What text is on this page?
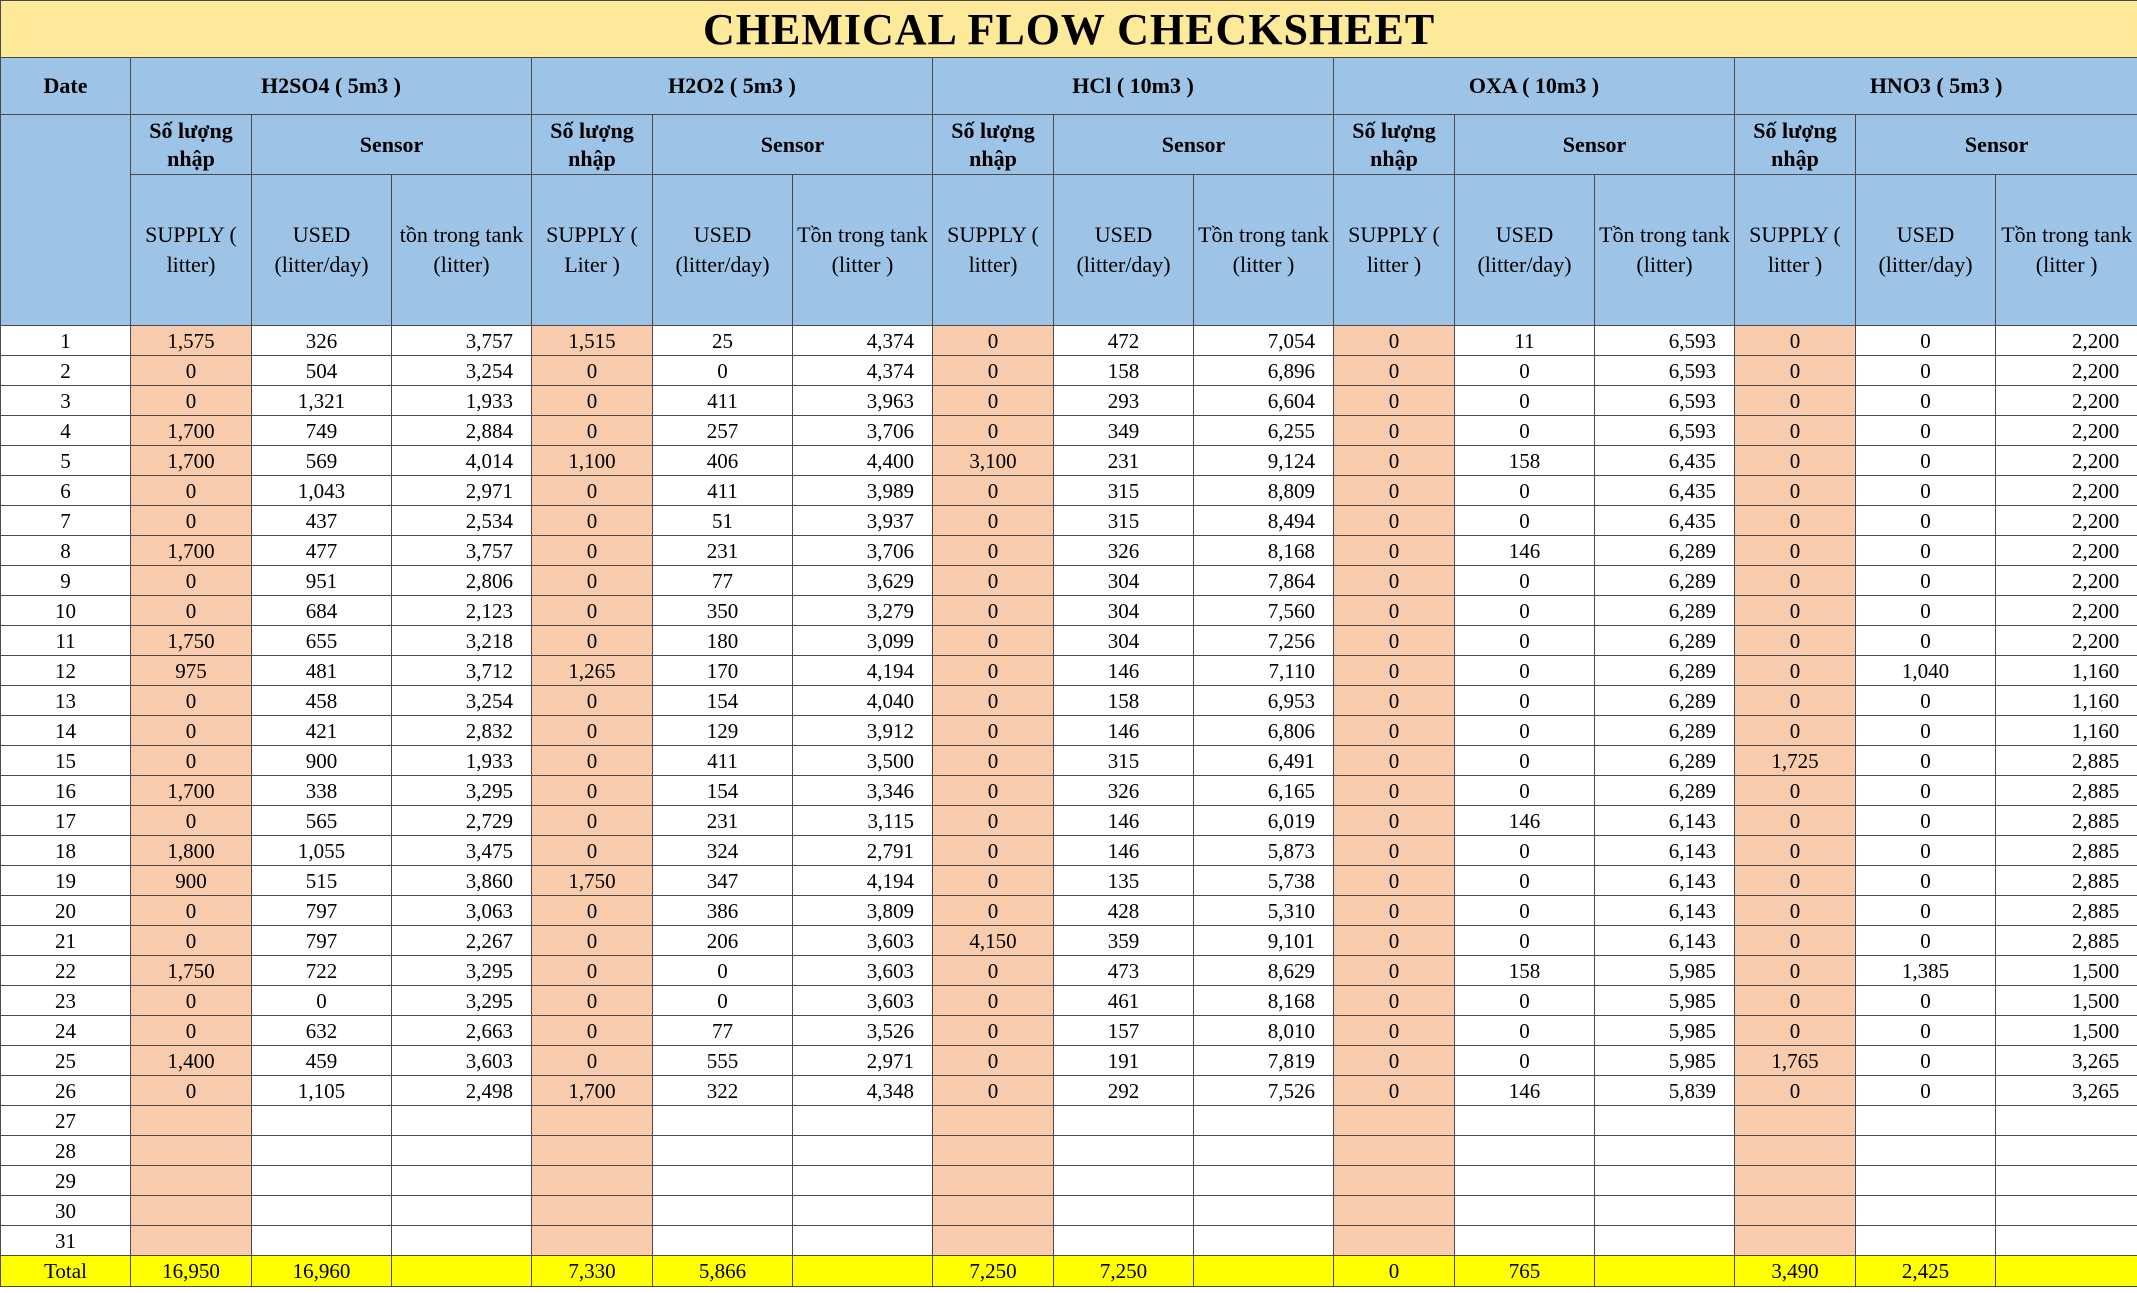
CHEMICAL FLOW CHECKSHEET															
Date	H2SO4 ( 5m3 )			H2O2 ( 5m3 )			HCl ( 10m3 )			OXA ( 10m3 )			HNO3 ( 5m3 )		
	Số lượng nhập	Sensor		Số lượng nhập	Sensor		Số lượng nhập	Sensor		Số lượng nhập	Sensor		Số lượng nhập	Sensor	
	SUPPLY ( litter)	USED (litter/day)	tồn trong tank (litter)	SUPPLY ( Liter )	USED (litter/day)	Tồn trong tank (litter )	SUPPLY ( litter)	USED (litter/day)	Tồn trong tank (litter )	SUPPLY ( litter )	USED (litter/day)	Tồn trong tank (litter)	SUPPLY ( litter )	USED (litter/day)	Tồn trong tank (litter )
1	1,575	326	3,757	1,515	25	4,374	0	472	7,054	0	11	6,593	0	0	2,200
2	0	504	3,254	0	0	4,374	0	158	6,896	0	0	6,593	0	0	2,200
3	0	1,321	1,933	0	411	3,963	0	293	6,604	0	0	6,593	0	0	2,200
4	1,700	749	2,884	0	257	3,706	0	349	6,255	0	0	6,593	0	0	2,200
5	1,700	569	4,014	1,100	406	4,400	3,100	231	9,124	0	158	6,435	0	0	2,200
6	0	1,043	2,971	0	411	3,989	0	315	8,809	0	0	6,435	0	0	2,200
7	0	437	2,534	0	51	3,937	0	315	8,494	0	0	6,435	0	0	2,200
8	1,700	477	3,757	0	231	3,706	0	326	8,168	0	146	6,289	0	0	2,200
9	0	951	2,806	0	77	3,629	0	304	7,864	0	0	6,289	0	0	2,200
10	0	684	2,123	0	350	3,279	0	304	7,560	0	0	6,289	0	0	2,200
11	1,750	655	3,218	0	180	3,099	0	304	7,256	0	0	6,289	0	0	2,200
12	975	481	3,712	1,265	170	4,194	0	146	7,110	0	0	6,289	0	1,040	1,160
13	0	458	3,254	0	154	4,040	0	158	6,953	0	0	6,289	0	0	1,160
14	0	421	2,832	0	129	3,912	0	146	6,806	0	0	6,289	0	0	1,160
15	0	900	1,933	0	411	3,500	0	315	6,491	0	0	6,289	1,725	0	2,885
16	1,700	338	3,295	0	154	3,346	0	326	6,165	0	0	6,289	0	0	2,885
17	0	565	2,729	0	231	3,115	0	146	6,019	0	146	6,143	0	0	2,885
18	1,800	1,055	3,475	0	324	2,791	0	146	5,873	0	0	6,143	0	0	2,885
19	900	515	3,860	1,750	347	4,194	0	135	5,738	0	0	6,143	0	0	2,885
20	0	797	3,063	0	386	3,809	0	428	5,310	0	0	6,143	0	0	2,885
21	0	797	2,267	0	206	3,603	4,150	359	9,101	0	0	6,143	0	0	2,885
22	1,750	722	3,295	0	0	3,603	0	473	8,629	0	158	5,985	0	1,385	1,500
23	0	0	3,295	0	0	3,603	0	461	8,168	0	0	5,985	0	0	1,500
24	0	632	2,663	0	77	3,526	0	157	8,010	0	0	5,985	0	0	1,500
25	1,400	459	3,603	0	555	2,971	0	191	7,819	0	0	5,985	1,765	0	3,265
26	0	1,105	2,498	1,700	322	4,348	0	292	7,526	0	146	5,839	0	0	3,265
27															
28															
29															
30															
31															
Total	16,950	16,960		7,330	5,866		7,250	7,250		0	765		3,490	2,425	
